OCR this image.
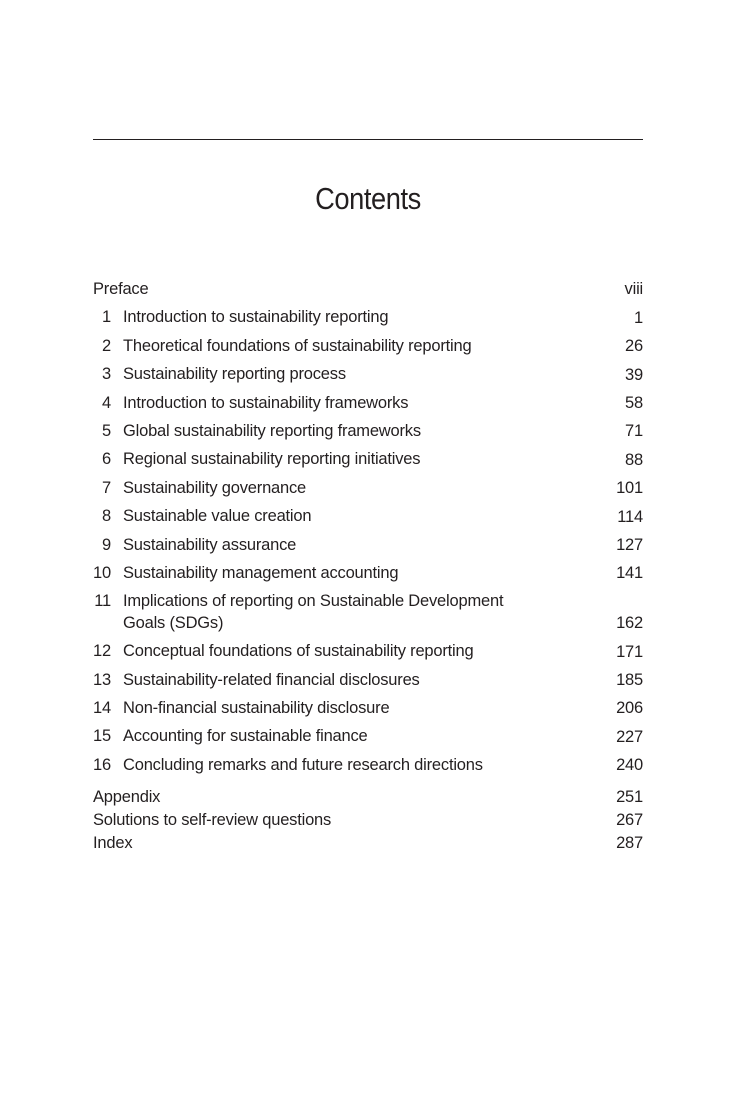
Contents
Preface	viii
1 Introduction to sustainability reporting	1
2 Theoretical foundations of sustainability reporting	26
3 Sustainability reporting process	39
4 Introduction to sustainability frameworks	58
5 Global sustainability reporting frameworks	71
6 Regional sustainability reporting initiatives	88
7 Sustainability governance	101
8 Sustainable value creation	114
9 Sustainability assurance	127
10 Sustainability management accounting	141
11 Implications of reporting on Sustainable Development Goals (SDGs)	162
12 Conceptual foundations of sustainability reporting	171
13 Sustainability-related financial disclosures	185
14 Non-financial sustainability disclosure	206
15 Accounting for sustainable finance	227
16 Concluding remarks and future research directions	240
Appendix	251
Solutions to self-review questions	267
Index	287
